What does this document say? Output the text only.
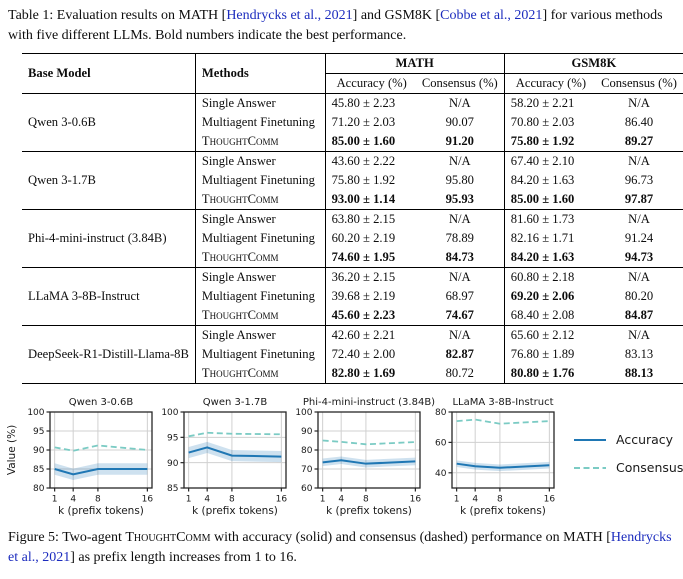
Table 1: Evaluation results on MATH [Hendrycks et al., 2021] and GSM8K [Cobbe et al., 2021] for various methods with five different LLMs. Bold numbers indicate the best performance.
Base Model	Methods	MATH		GSM8K	
		Accuracy (%)	Consensus (%)	Accuracy (%)	Consensus (%)
Qwen 3-0.6B	Single Answer	45.80 ± 2.23	N/A	58.20 ± 2.21	N/A
	Multiagent Finetuning	71.20 ± 2.03	90.07	70.80 ± 2.03	86.40
	ThoughtComm	85.00 ± 1.60	91.20	75.80 ± 1.92	89.27
Qwen 3-1.7B	Single Answer	43.60 ± 2.22	N/A	67.40 ± 2.10	N/A
	Multiagent Finetuning	75.80 ± 1.92	95.80	84.20 ± 1.63	96.73
	ThoughtComm	93.00 ± 1.14	95.93	85.00 ± 1.60	97.87
Phi-4-mini-instruct (3.84B)	Single Answer	63.80 ± 2.15	N/A	81.60 ± 1.73	N/A
	Multiagent Finetuning	60.20 ± 2.19	78.89	82.16 ± 1.71	91.24
	ThoughtComm	74.60 ± 1.95	84.73	84.20 ± 1.63	94.73
LLaMA 3-8B-Instruct	Single Answer	36.20 ± 2.15	N/A	60.80 ± 2.18	N/A
	Multiagent Finetuning	39.68 ± 2.19	68.97	69.20 ± 2.06	80.20
	ThoughtComm	45.60 ± 2.23	74.67	68.40 ± 2.08	84.87
DeepSeek-R1-Distill-Llama-8B	Single Answer	42.60 ± 2.21	N/A	65.60 ± 2.12	N/A
	Multiagent Finetuning	72.40 ± 2.00	82.87	76.80 ± 1.89	83.13
	ThoughtComm	82.80 ± 1.69	80.72	80.80 ± 1.76	88.13
80
85
90
95
100
1 4 8	16
Qwen 3-0.6B
k (prefix tokens)
Value (%)
85
90
95
100
1 4 8	16
Qwen 3-1.7B
k (prefix tokens)
60
70
80
90
100
1 4 8	16
Phi-4-mini-instruct (3.84B)
k (prefix tokens)
40
60
80
1 4 8	16
LLaMA 3-8B-Instruct
k (prefix tokens)
Accuracy
Consensus
Figure 5: Two-agent ThoughtComm with accuracy (solid) and consensus (dashed) performance on MATH [Hendrycks et al., 2021] as prefix length increases from 1 to 16.
